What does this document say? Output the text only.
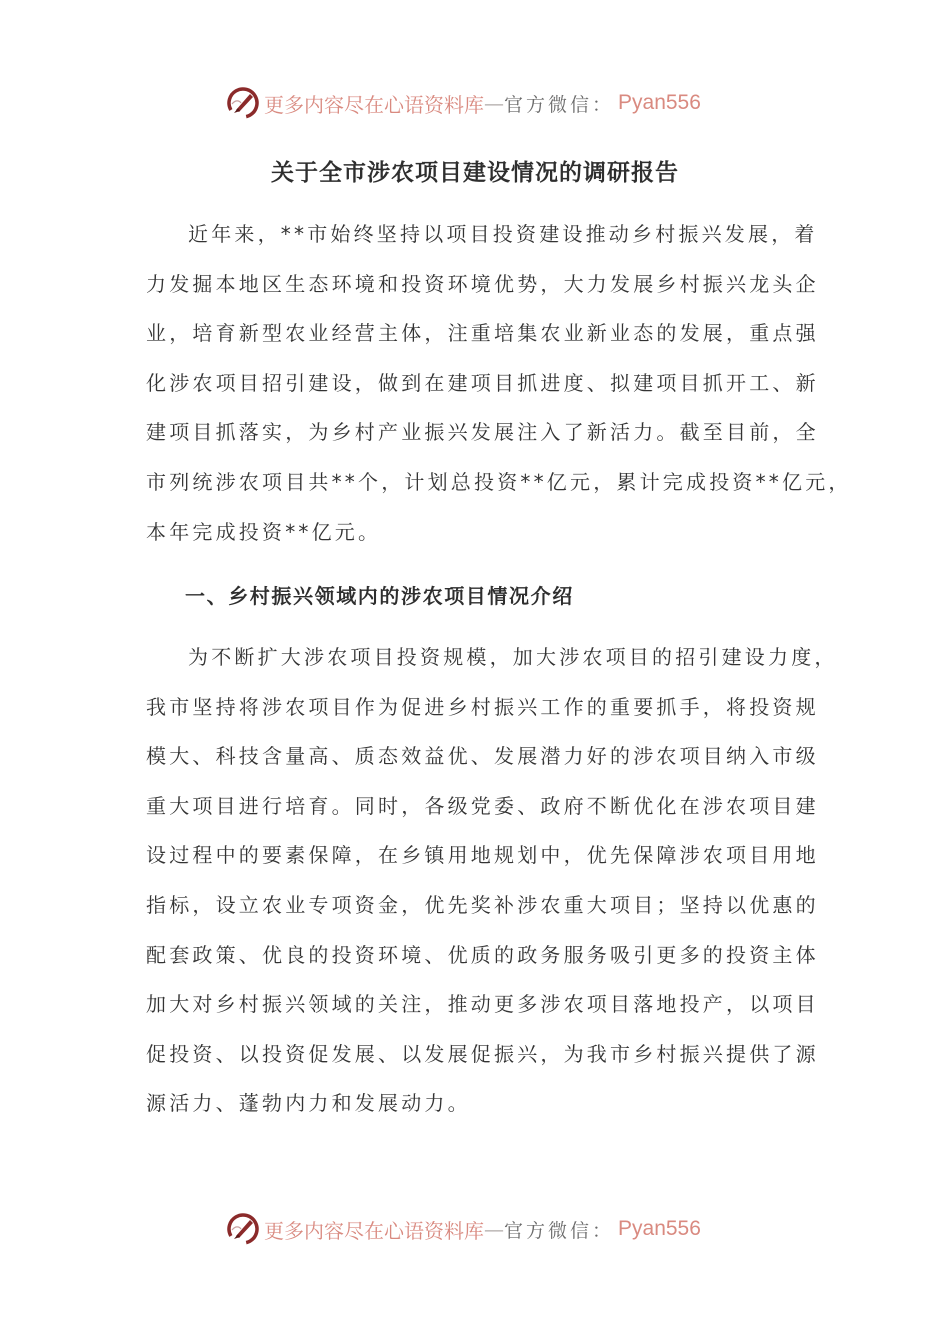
更多内容尽在心语资料库 — 官方微信： Pyan556
关于全市涉农项目建设情况的调研报告
近年来，**市始终坚持以项目投资建设推动乡村振兴发展，着
力发掘本地区生态环境和投资环境优势，大力发展乡村振兴龙头企
业，培育新型农业经营主体，注重培集农业新业态的发展，重点强
化涉农项目招引建设，做到在建项目抓进度、拟建项目抓开工、新
建项目抓落实，为乡村产业振兴发展注入了新活力。截至目前，全
市列统涉农项目共**个，计划总投资**亿元，累计完成投资**亿元，
本年完成投资**亿元。
一、乡村振兴领域内的涉农项目情况介绍
为不断扩大涉农项目投资规模，加大涉农项目的招引建设力度，
我市坚持将涉农项目作为促进乡村振兴工作的重要抓手，将投资规
模大、科技含量高、质态效益优、发展潜力好的涉农项目纳入市级
重大项目进行培育。同时，各级党委、政府不断优化在涉农项目建
设过程中的要素保障，在乡镇用地规划中，优先保障涉农项目用地
指标，设立农业专项资金，优先奖补涉农重大项目；坚持以优惠的
配套政策、优良的投资环境、优质的政务服务吸引更多的投资主体
加大对乡村振兴领域的关注，推动更多涉农项目落地投产，以项目
促投资、以投资促发展、以发展促振兴，为我市乡村振兴提供了源
源活力、蓬勃内力和发展动力。
更多内容尽在心语资料库 — 官方微信： Pyan556
